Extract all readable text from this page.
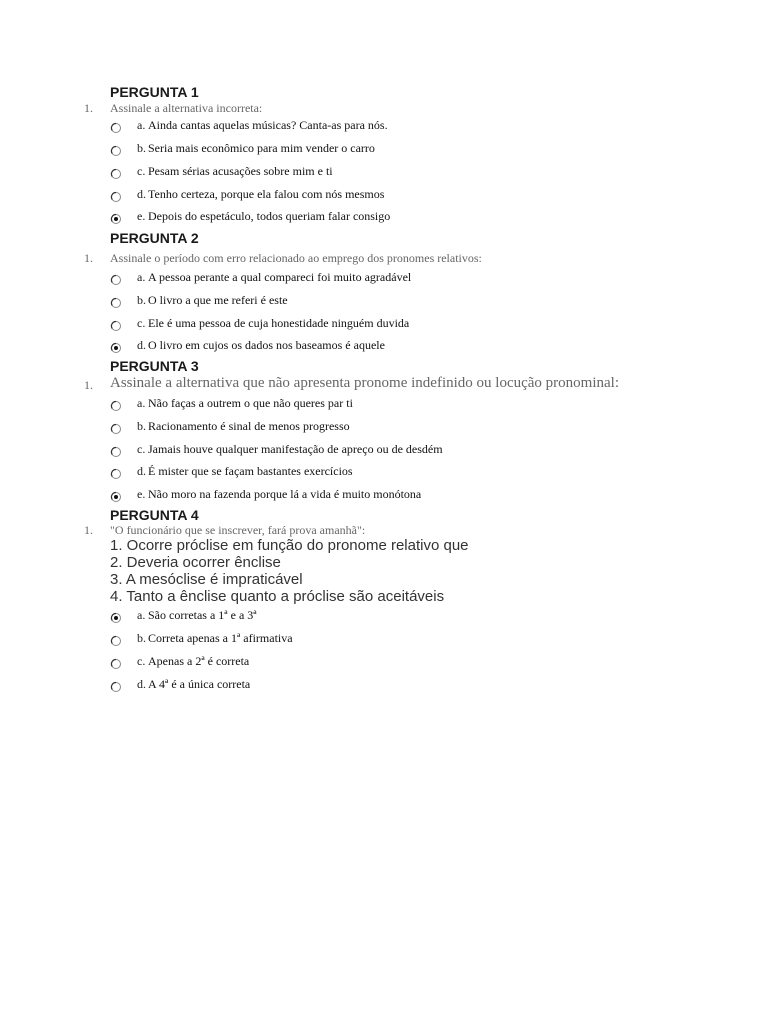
PERGUNTA 1
1. Assinale a alternativa incorreta:
a. Ainda cantas aquelas músicas? Canta-as para nós.
b. Seria mais econômico para mim vender o carro
c. Pesam sérias acusações sobre mim e ti
d. Tenho certeza, porque ela falou com nós mesmos
e. Depois do espetáculo, todos queriam falar consigo
PERGUNTA 2
1. Assinale o período com erro relacionado ao emprego dos pronomes relativos:
a. A pessoa perante a qual compareci foi muito agradável
b. O livro a que me referi é este
c. Ele é uma pessoa de cuja honestidade ninguém duvida
d. O livro em cujos os dados nos baseamos é aquele
PERGUNTA 3
1. Assinale a alternativa que não apresenta pronome indefinido ou locução pronominal:
a. Não faças a outrem o que não queres par ti
b. Racionamento é sinal de menos progresso
c. Jamais houve qualquer manifestação de apreço ou de desdém
d. É mister que se façam bastantes exercícios
e. Não moro na fazenda porque lá a vida é muito monótona
PERGUNTA 4
1. "O funcionário que se inscrever, fará prova amanhã":
1. Ocorre próclise em função do pronome relativo que
2. Deveria ocorrer ênclise
3. A mesóclise é impraticável
4. Tanto a ênclise quanto a próclise são aceitáveis
a. São corretas a 1ª e a 3ª
b. Correta apenas a 1ª afirmativa
c. Apenas a 2ª é correta
d. A 4ª é a única correta
